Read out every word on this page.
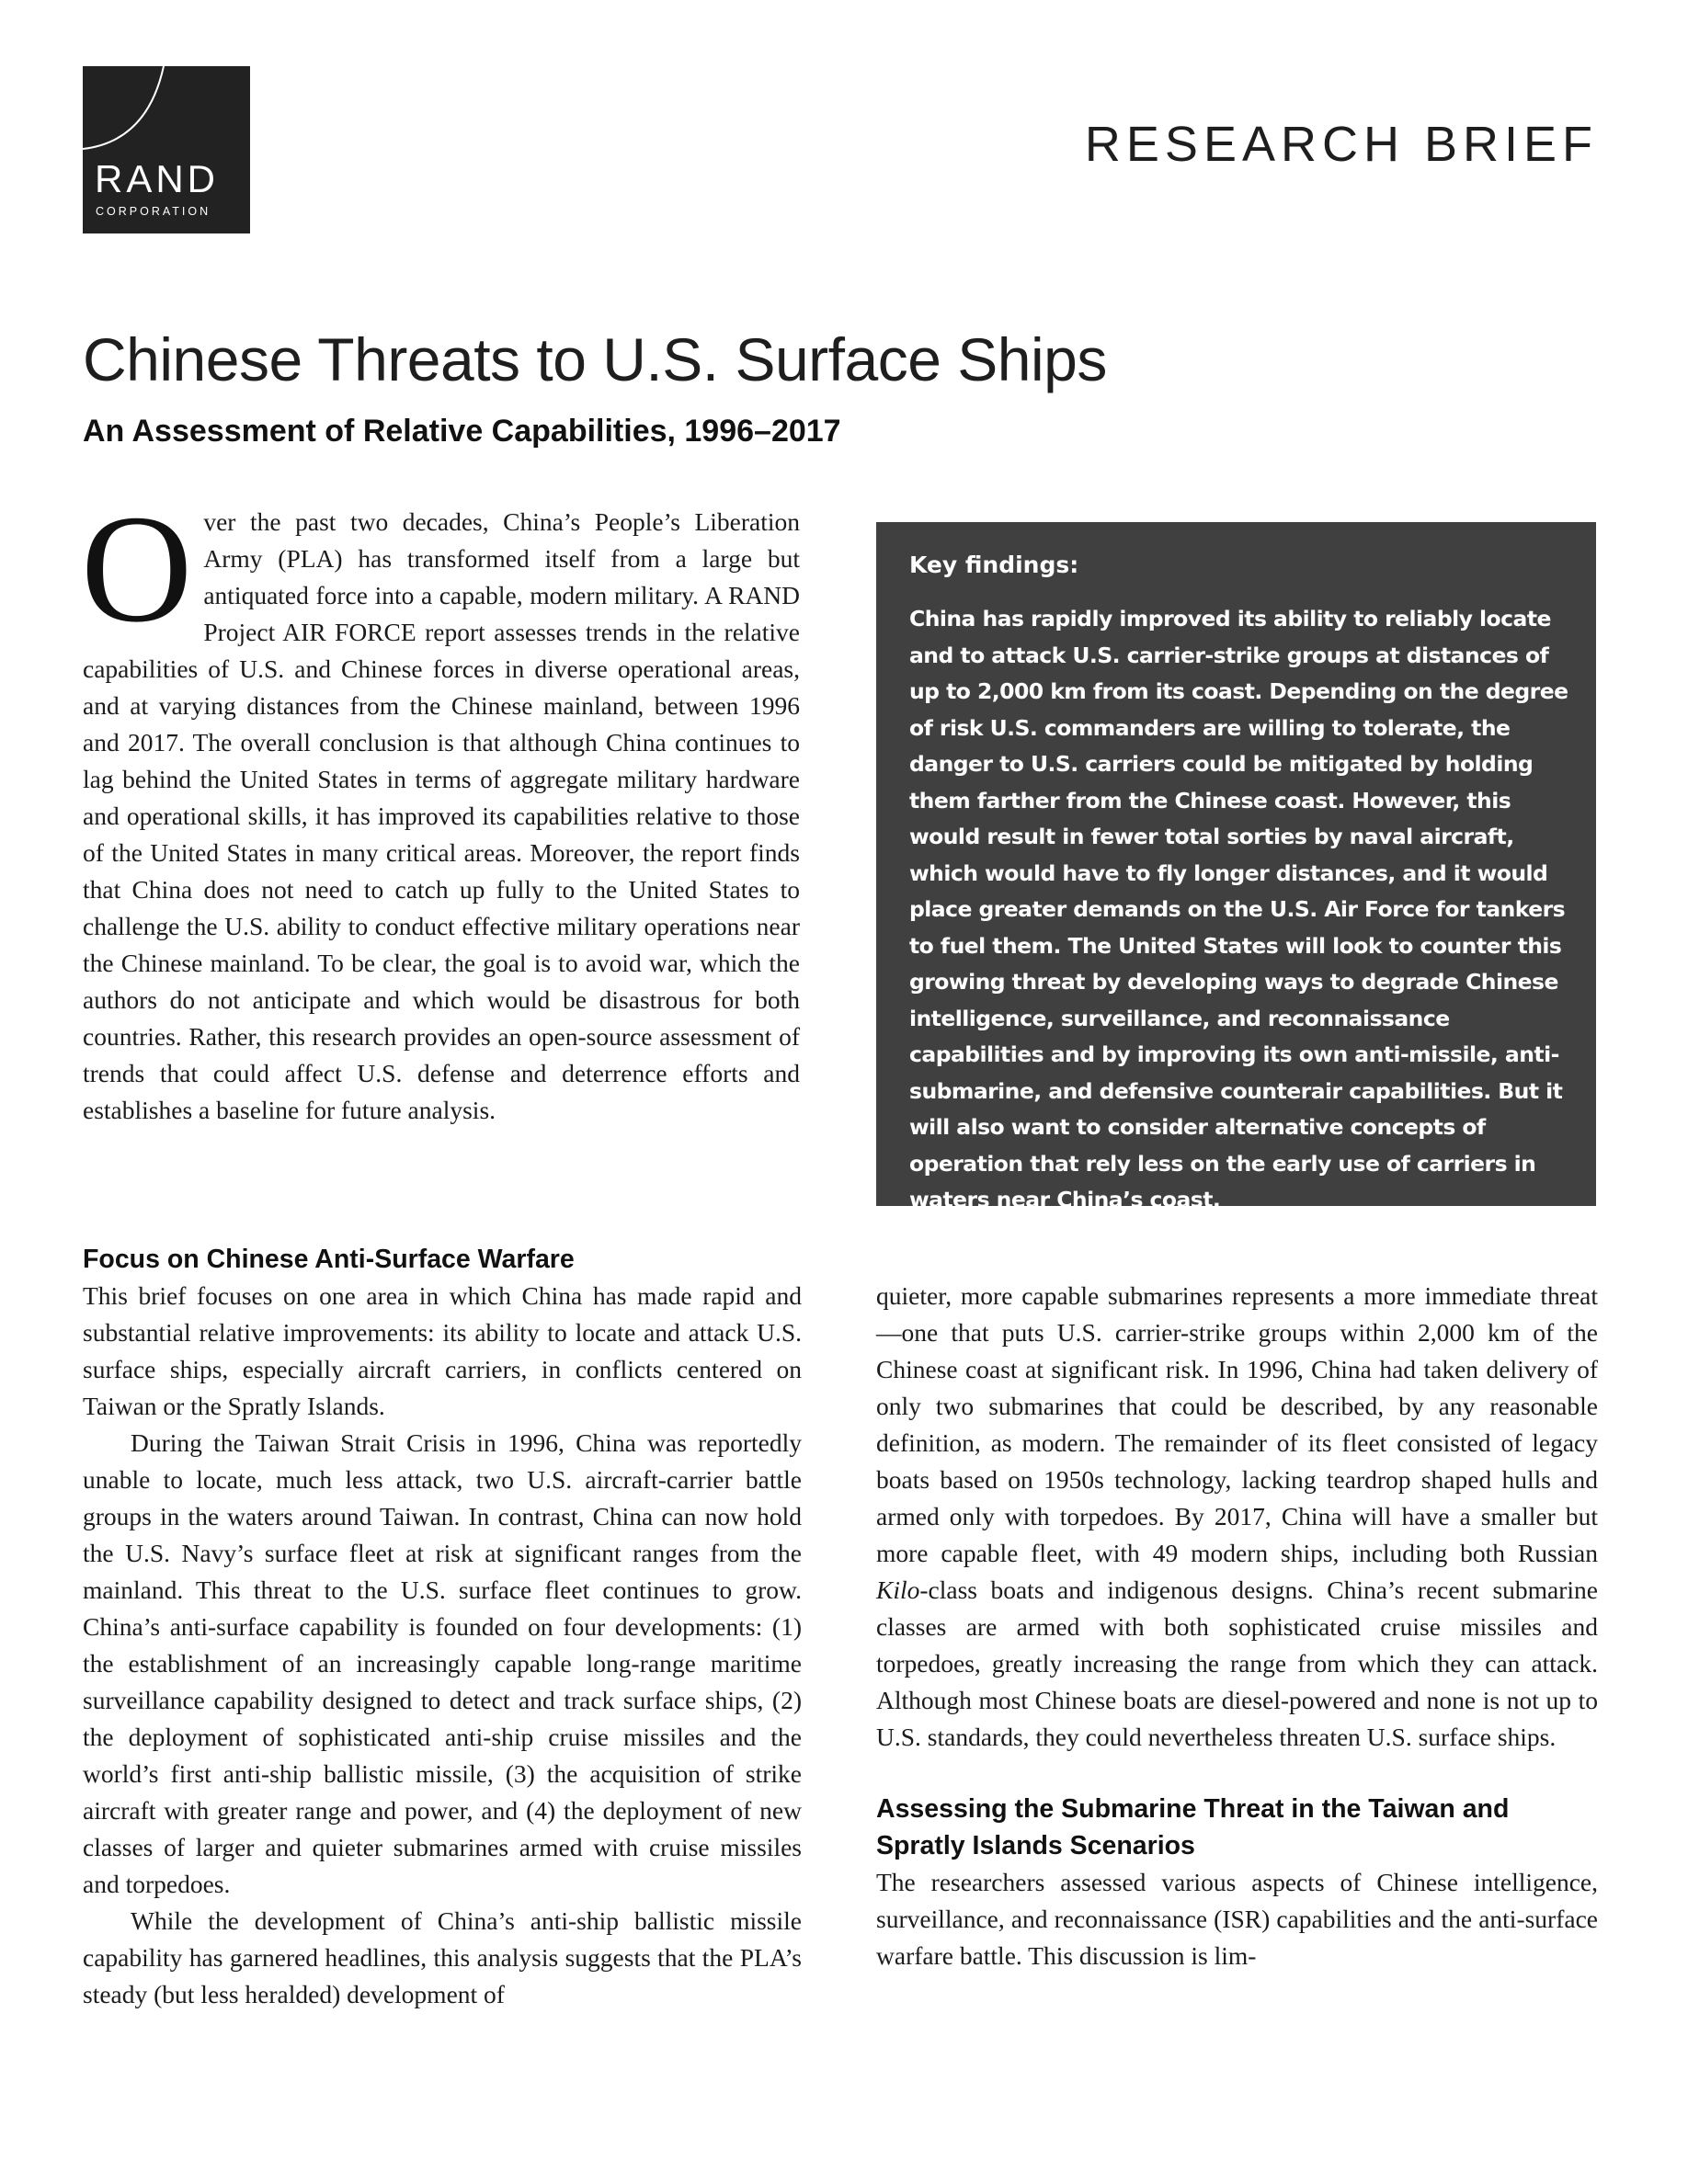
RAND
CORPORATION
RESEARCH BRIEF
Chinese Threats to U.S. Surface Ships
An Assessment of Relative Capabilities, 1996–2017

Over the past two decades, China’s People’s Liberation Army (PLA) has transformed itself from a large but antiquated force into a capable, modern military. A RAND Project AIR FORCE report assesses trends in the relative capabilities of U.S. and Chinese forces in diverse operational areas, and at varying distances from the Chinese mainland, between 1996 and 2017. The overall conclusion is that although China continues to lag behind the United States in terms of aggregate military hardware and operational skills, it has improved its capabilities relative to those of the United States in many critical areas. Moreover, the report finds that China does not need to catch up fully to the United States to challenge the U.S. ability to conduct effective military operations near the Chinese mainland. To be clear, the goal is to avoid war, which the authors do not anticipate and which would be disastrous for both countries. Rather, this research provides an open-source assessment of trends that could affect U.S. defense and deterrence efforts and establishes a baseline for future analysis.

Key findings:

China has rapidly improved its ability to reliably locate and to attack U.S. carrier-strike groups at distances of up to 2,000 km from its coast. Depending on the degree of risk U.S. commanders are willing to tolerate, the danger to U.S. carriers could be mitigated by holding them farther from the Chinese coast. However, this would result in fewer total sorties by naval aircraft, which would have to fly longer distances, and it would place greater demands on the U.S. Air Force for tankers to fuel them. The United States will look to counter this growing threat by developing ways to degrade Chinese intelligence, surveillance, and reconnaissance capabilities and by improving its own anti-missile, anti-submarine, and defensive counterair capabilities. But it will also want to consider alternative concepts of operation that rely less on the early use of carriers in waters near China’s coast.

Focus on Chinese Anti-Surface Warfare

This brief focuses on one area in which China has made rapid and substantial relative improvements: its ability to locate and attack U.S. surface ships, especially aircraft carriers, in conflicts centered on Taiwan or the Spratly Islands.

During the Taiwan Strait Crisis in 1996, China was reportedly unable to locate, much less attack, two U.S. aircraft-carrier battle groups in the waters around Taiwan. In contrast, China can now hold the U.S. Navy’s surface fleet at risk at significant ranges from the mainland. This threat to the U.S. surface fleet continues to grow. China’s anti-surface capability is founded on four developments: (1) the establishment of an increasingly capable long-range maritime surveillance capability designed to detect and track surface ships, (2) the deployment of sophisticated anti-ship cruise missiles and the world’s first anti-ship ballistic missile, (3) the acquisition of strike aircraft with greater range and power, and (4) the deployment of new classes of larger and quieter submarines armed with cruise missiles and torpedoes.

While the development of China’s anti-ship ballistic missile capability has garnered headlines, this analysis suggests that the PLA’s steady (but less heralded) development of

quieter, more capable submarines represents a more immediate threat—one that puts U.S. carrier-strike groups within 2,000 km of the Chinese coast at significant risk. In 1996, China had taken delivery of only two submarines that could be described, by any reasonable definition, as modern. The remainder of its fleet consisted of legacy boats based on 1950s technology, lacking teardrop shaped hulls and armed only with torpedoes. By 2017, China will have a smaller but more capable fleet, with 49 modern ships, including both Russian Kilo-class boats and indigenous designs. China’s recent submarine classes are armed with both sophisticated cruise missiles and torpedoes, greatly increasing the range from which they can attack. Although most Chinese boats are diesel-powered and none is not up to U.S. standards, they could nevertheless threaten U.S. surface ships.

Assessing the Submarine Threat in the Taiwan and Spratly Islands Scenarios

The researchers assessed various aspects of Chinese intelligence, surveillance, and reconnaissance (ISR) capabilities and the anti-surface warfare battle. This discussion is lim-
